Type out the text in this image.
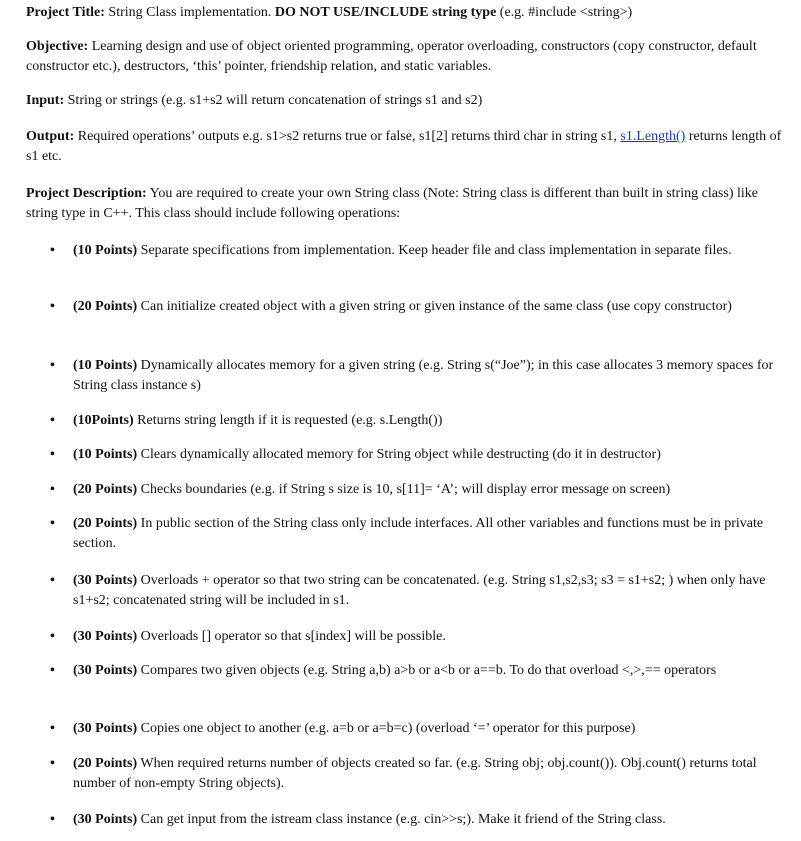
Project Title: String Class implementation. DO NOT USE/INCLUDE string type (e.g. #include <string>)

Objective: Learning design and use of object oriented programming, operator overloading, constructors (copy constructor, default constructor etc.), destructors, ‘this’ pointer, friendship relation, and static variables.

Input: String or strings (e.g. s1+s2 will return concatenation of strings s1 and s2)

Output: Required operations’ outputs e.g. s1>s2 returns true or false, s1[2] returns third char in string s1, s1.Length() returns length of s1 etc.

Project Description: You are required to create your own String class (Note: String class is different than built in string class) like string type in C++. This class should include following operations:

• (10 Points) Separate specifications from implementation. Keep header file and class implementation in separate files.
• (20 Points) Can initialize created object with a given string or given instance of the same class (use copy constructor)
• (10 Points) Dynamically allocates memory for a given string (e.g. String s(“Joe”); in this case allocates 3 memory spaces for String class instance s)
• (10Points) Returns string length if it is requested (e.g. s.Length())
• (10 Points) Clears dynamically allocated memory for String object while destructing (do it in destructor)
• (20 Points) Checks boundaries (e.g. if String s size is 10, s[11]= ‘A’; will display error message on screen)
• (20 Points) In public section of the String class only include interfaces. All other variables and functions must be in private section.
• (30 Points) Overloads + operator so that two string can be concatenated. (e.g. String s1,s2,s3; s3 = s1+s2; ) when only have s1+s2; concatenated string will be included in s1.
• (30 Points) Overloads [] operator so that s[index] will be possible.
• (30 Points) Compares two given objects (e.g. String a,b) a>b or a<b or a==b. To do that overload <,>,== operators
• (30 Points) Copies one object to another (e.g. a=b or a=b=c) (overload ‘=’ operator for this purpose)
• (20 Points) When required returns number of objects created so far. (e.g. String obj; obj.count()). Obj.count() returns total number of non-empty String objects).
• (30 Points) Can get input from the istream class instance (e.g. cin>>s;). Make it friend of the String class.
